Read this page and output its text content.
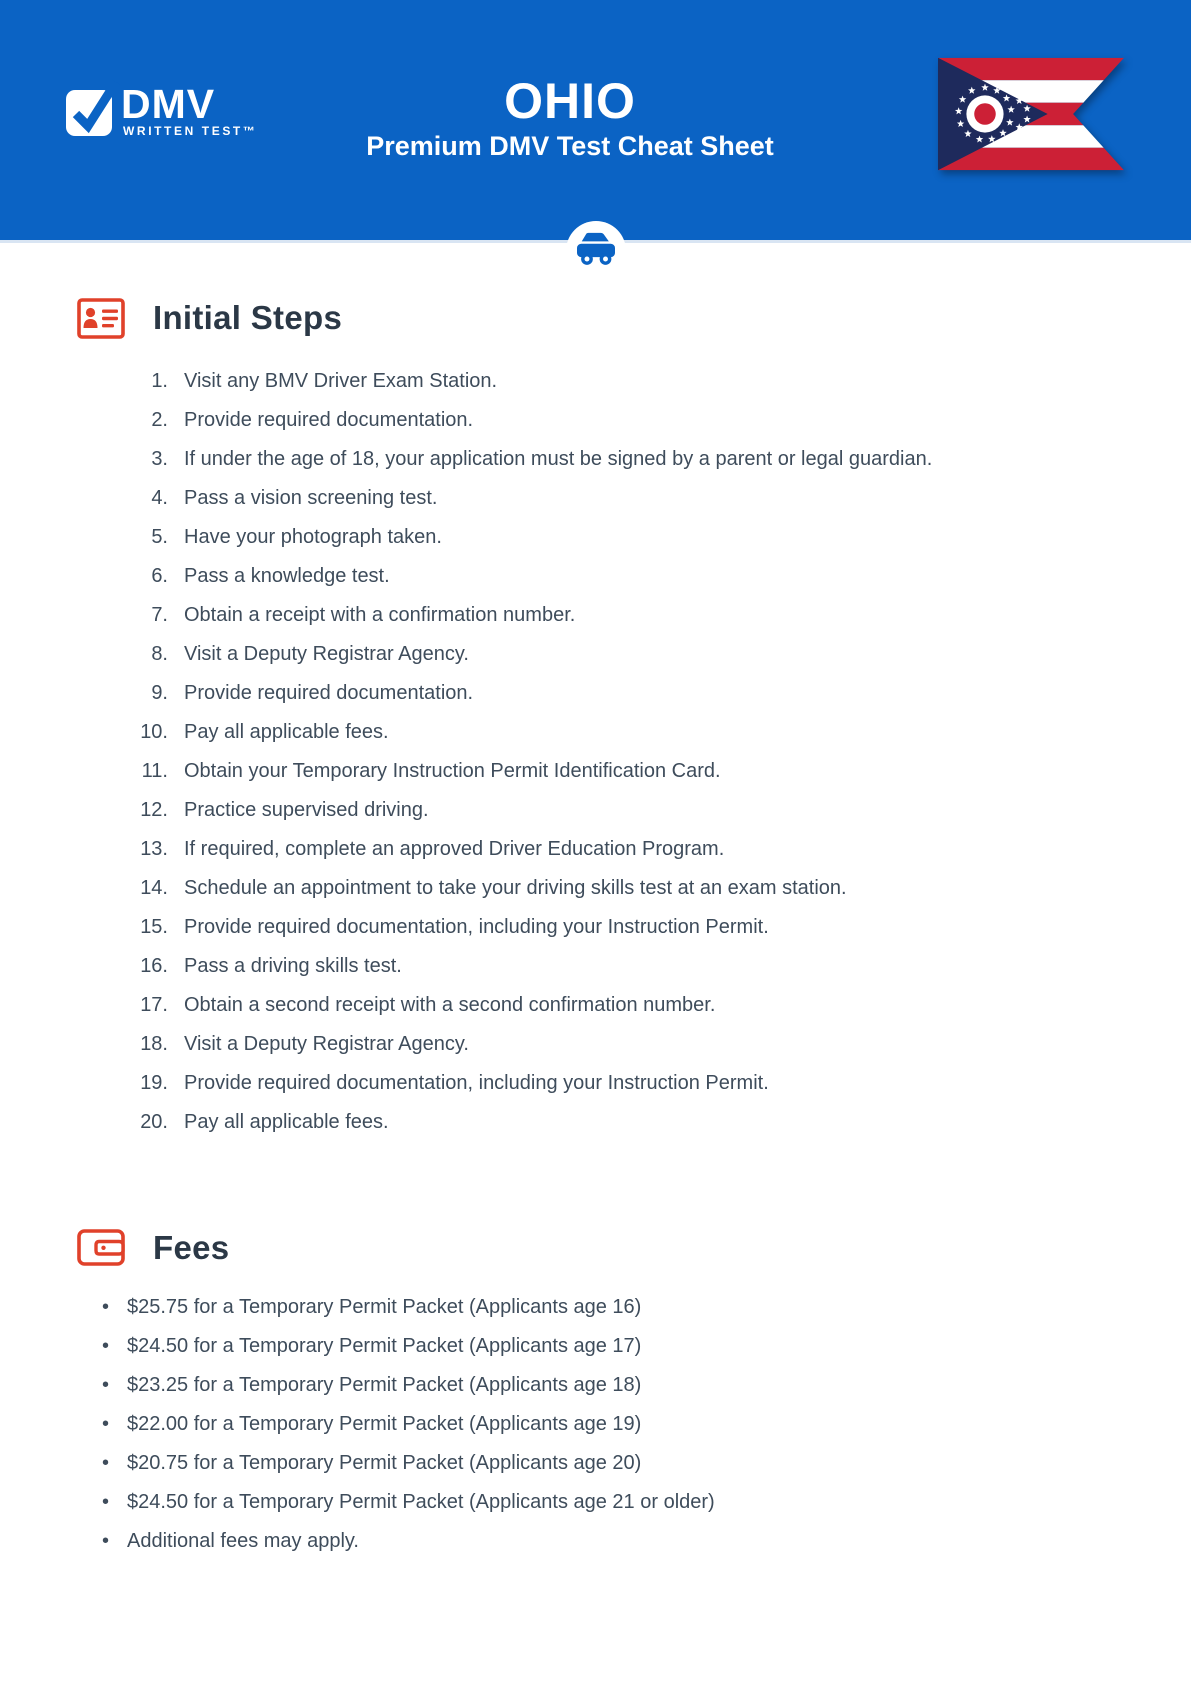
DMV
WRITTEN TEST™
OHIO
Premium DMV Test Cheat Sheet
Initial Steps
1. Visit any BMV Driver Exam Station.
2. Provide required documentation.
3. If under the age of 18, your application must be signed by a parent or legal guardian.
4. Pass a vision screening test.
5. Have your photograph taken.
6. Pass a knowledge test.
7. Obtain a receipt with a confirmation number.
8. Visit a Deputy Registrar Agency.
9. Provide required documentation.
10. Pay all applicable fees.
11. Obtain your Temporary Instruction Permit Identification Card.
12. Practice supervised driving.
13. If required, complete an approved Driver Education Program.
14. Schedule an appointment to take your driving skills test at an exam station.
15. Provide required documentation, including your Instruction Permit.
16. Pass a driving skills test.
17. Obtain a second receipt with a second confirmation number.
18. Visit a Deputy Registrar Agency.
19. Provide required documentation, including your Instruction Permit.
20. Pay all applicable fees.
Fees
• $25.75 for a Temporary Permit Packet (Applicants age 16)
• $24.50 for a Temporary Permit Packet (Applicants age 17)
• $23.25 for a Temporary Permit Packet (Applicants age 18)
• $22.00 for a Temporary Permit Packet (Applicants age 19)
• $20.75 for a Temporary Permit Packet (Applicants age 20)
• $24.50 for a Temporary Permit Packet (Applicants age 21 or older)
• Additional fees may apply.
